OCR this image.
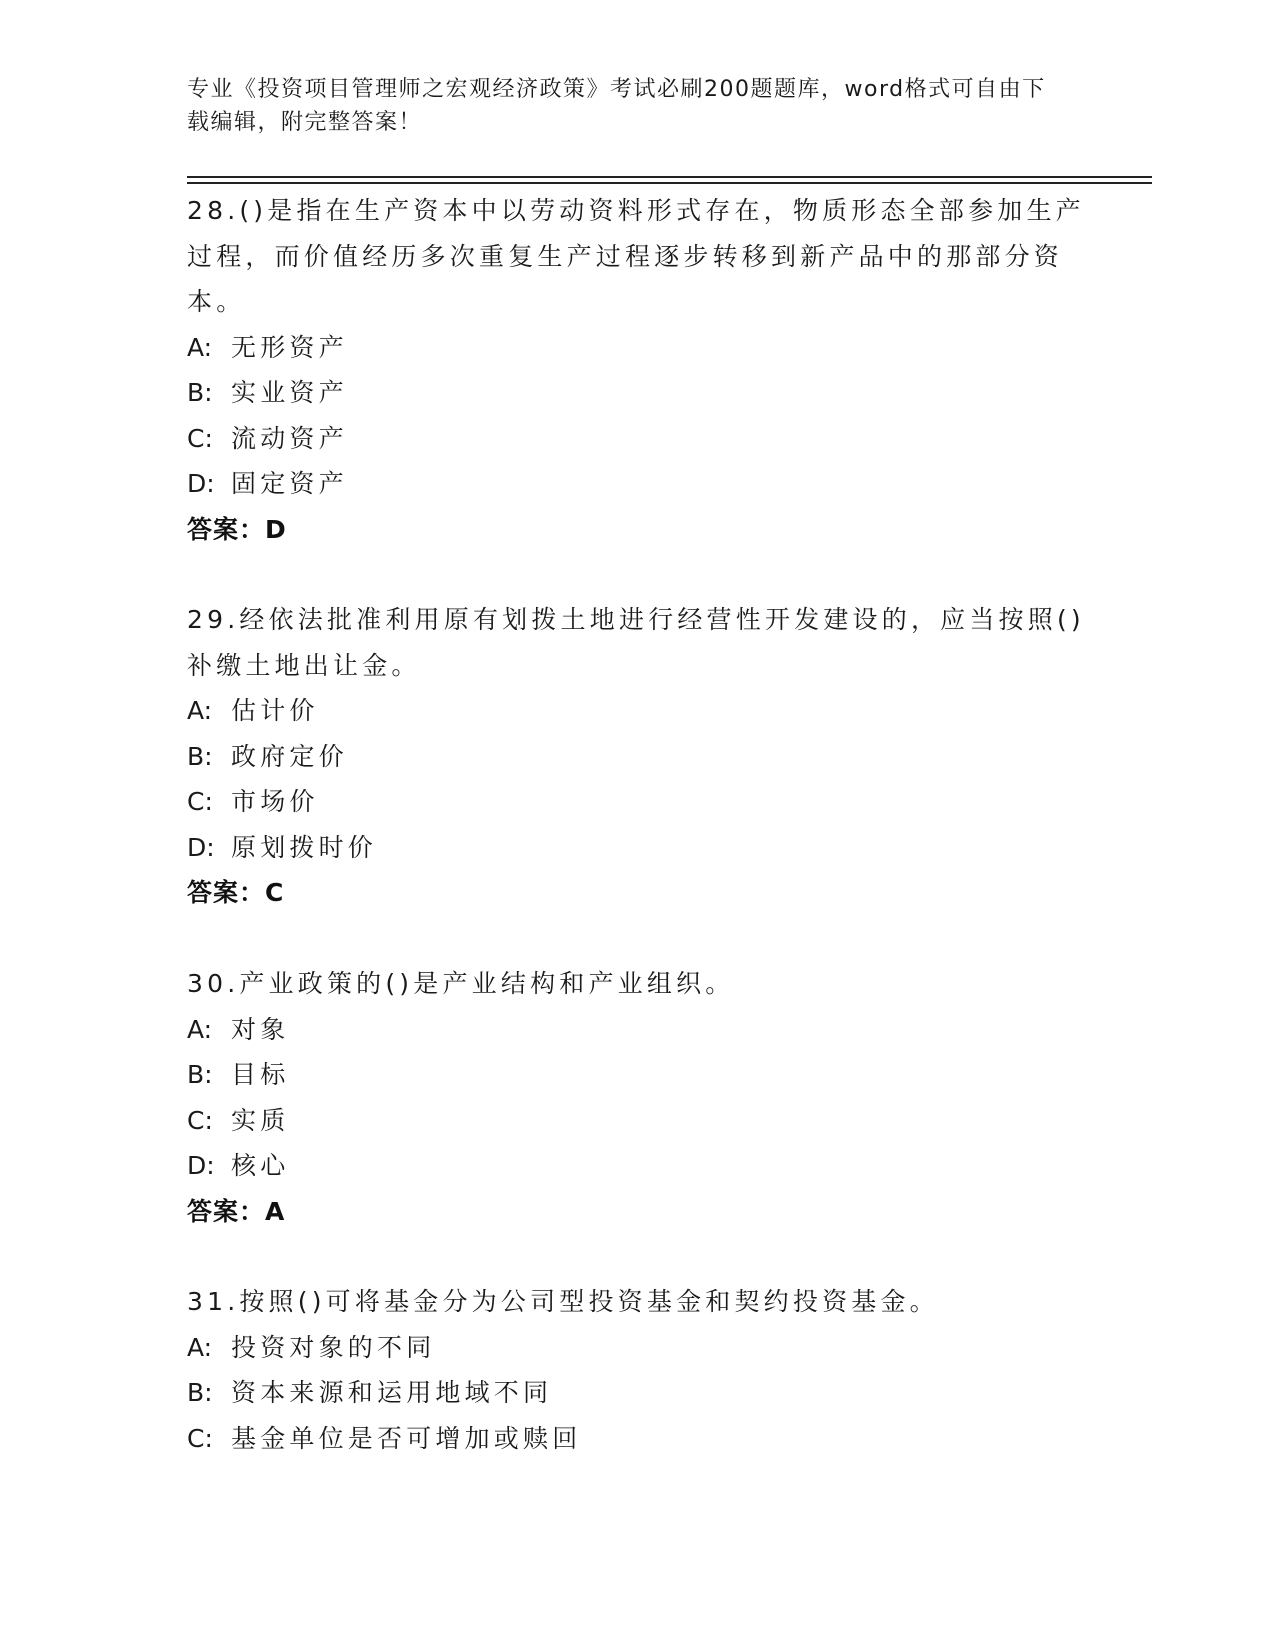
专业《投资项目管理师之宏观经济政策》考试必刷200题题库，word格式可自由下载编辑，附完整答案！

28.()是指在生产资本中以劳动资料形式存在，物质形态全部参加生产过程，而价值经历多次重复生产过程逐步转移到新产品中的那部分资本。

A: 无形资产
B: 实业资产
C: 流动资产
D: 固定资产
答案：D

29.经依法批准利用原有划拨土地进行经营性开发建设的，应当按照()补缴土地出让金。

A: 估计价
B: 政府定价
C: 市场价
D: 原划拨时价
答案：C

30.产业政策的()是产业结构和产业组织。

A: 对象
B: 目标
C: 实质
D: 核心
答案：A

31.按照()可将基金分为公司型投资基金和契约投资基金。

A: 投资对象的不同
B: 资本来源和运用地域不同
C: 基金单位是否可增加或赎回
